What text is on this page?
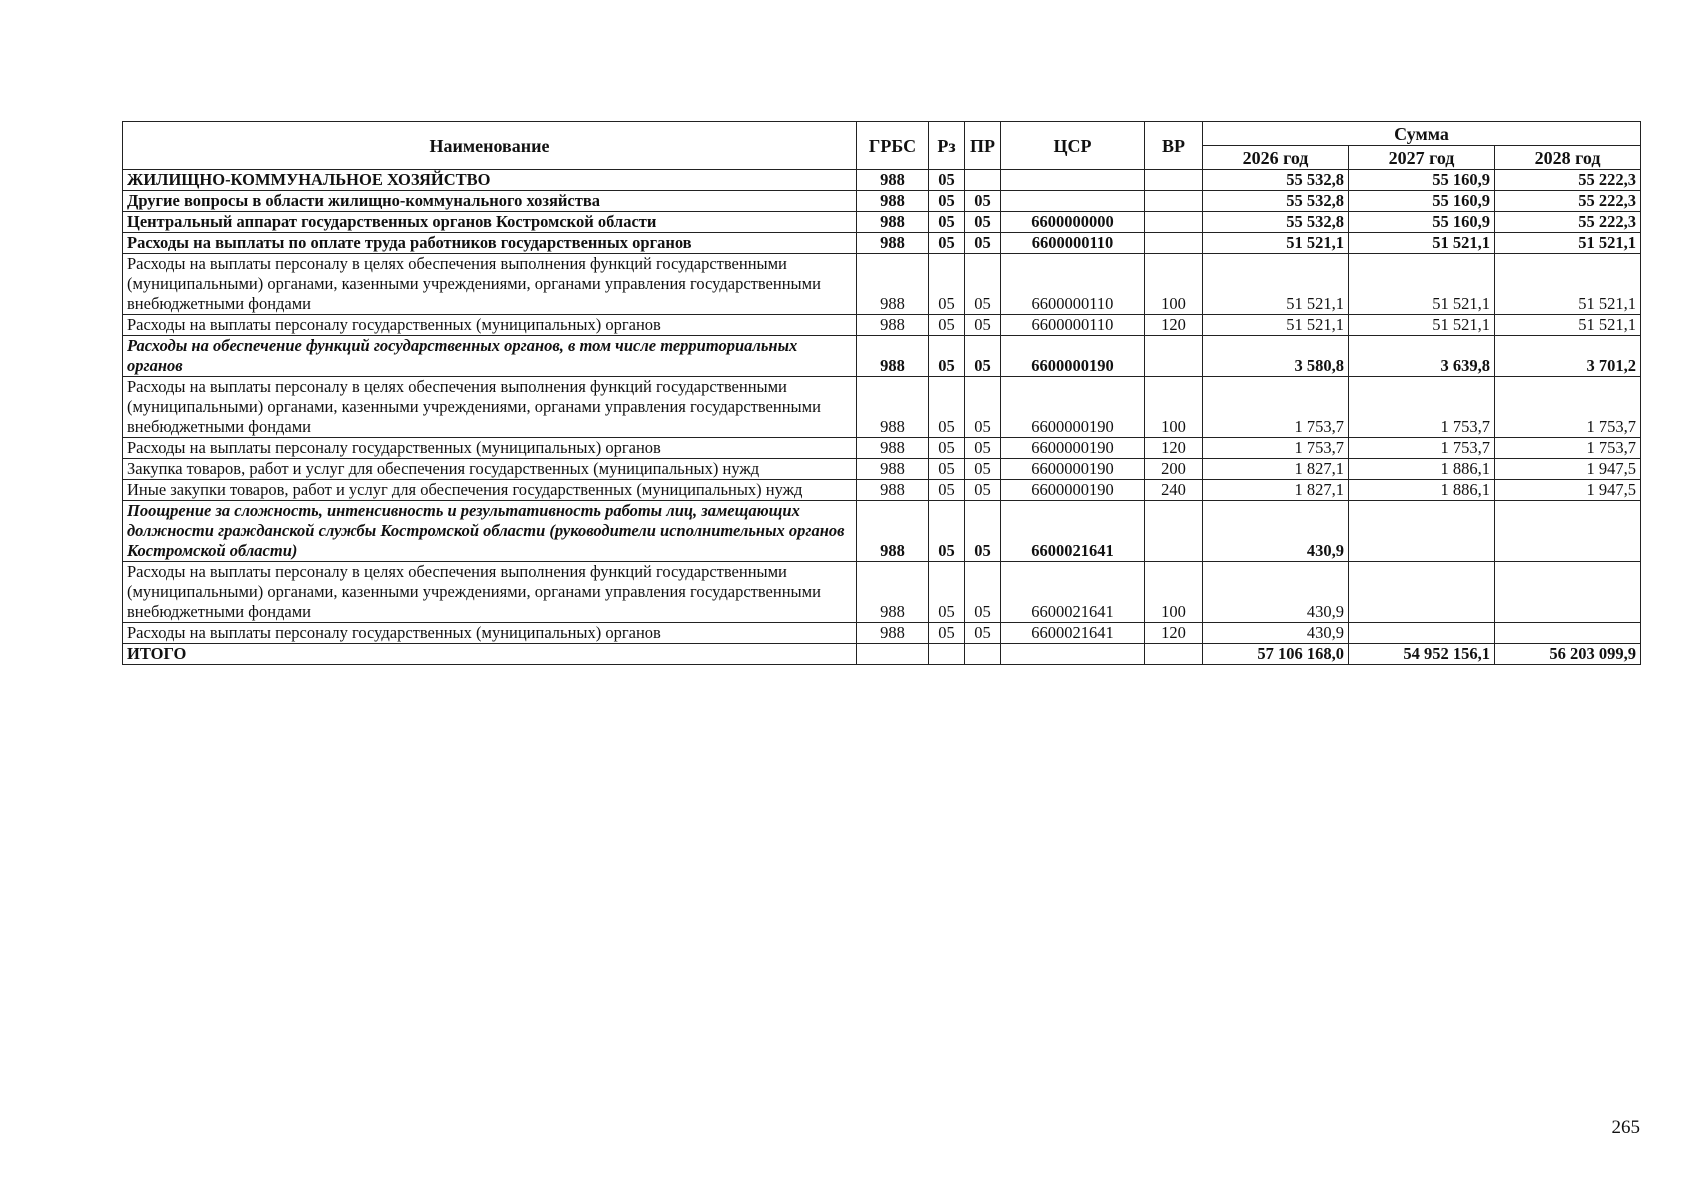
Наименование	ГРБС	Рз	ПР	ЦСР	ВР	Сумма		
						2026 год	2027 год	2028 год
ЖИЛИЩНО-КОММУНАЛЬНОЕ ХОЗЯЙСТВО	988	05				55 532,8	55 160,9	55 222,3
Другие вопросы в области жилищно-коммунального хозяйства	988	05	05			55 532,8	55 160,9	55 222,3
Центральный аппарат государственных органов Костромской области	988	05	05	6600000000		55 532,8	55 160,9	55 222,3
Расходы на выплаты по оплате труда работников государственных органов	988	05	05	6600000110		51 521,1	51 521,1	51 521,1
Расходы на выплаты персоналу в целях обеспечения выполнения функций государственными (муниципальными) органами, казенными учреждениями, органами управления государственными внебюджетными фондами	988	05	05	6600000110	100	51 521,1	51 521,1	51 521,1
Расходы на выплаты персоналу государственных (муниципальных) органов	988	05	05	6600000110	120	51 521,1	51 521,1	51 521,1
Расходы на обеспечение функций государственных органов, в том числе территориальных органов	988	05	05	6600000190		3 580,8	3 639,8	3 701,2
Расходы на выплаты персоналу в целях обеспечения выполнения функций государственными (муниципальными) органами, казенными учреждениями, органами управления государственными внебюджетными фондами	988	05	05	6600000190	100	1 753,7	1 753,7	1 753,7
Расходы на выплаты персоналу государственных (муниципальных) органов	988	05	05	6600000190	120	1 753,7	1 753,7	1 753,7
Закупка товаров, работ и услуг для обеспечения государственных (муниципальных) нужд	988	05	05	6600000190	200	1 827,1	1 886,1	1 947,5
Иные закупки товаров, работ и услуг для обеспечения государственных (муниципальных) нужд	988	05	05	6600000190	240	1 827,1	1 886,1	1 947,5
Поощрение за сложность, интенсивность и результативность работы лиц, замещающих должности гражданской службы Костромской области (руководители исполнительных органов Костромской области)	988	05	05	6600021641		430,9		
Расходы на выплаты персоналу в целях обеспечения выполнения функций государственными (муниципальными) органами, казенными учреждениями, органами управления государственными внебюджетными фондами	988	05	05	6600021641	100	430,9		
Расходы на выплаты персоналу государственных (муниципальных) органов	988	05	05	6600021641	120	430,9		
ИТОГО						57 106 168,0	54 952 156,1	56 203 099,9
265
